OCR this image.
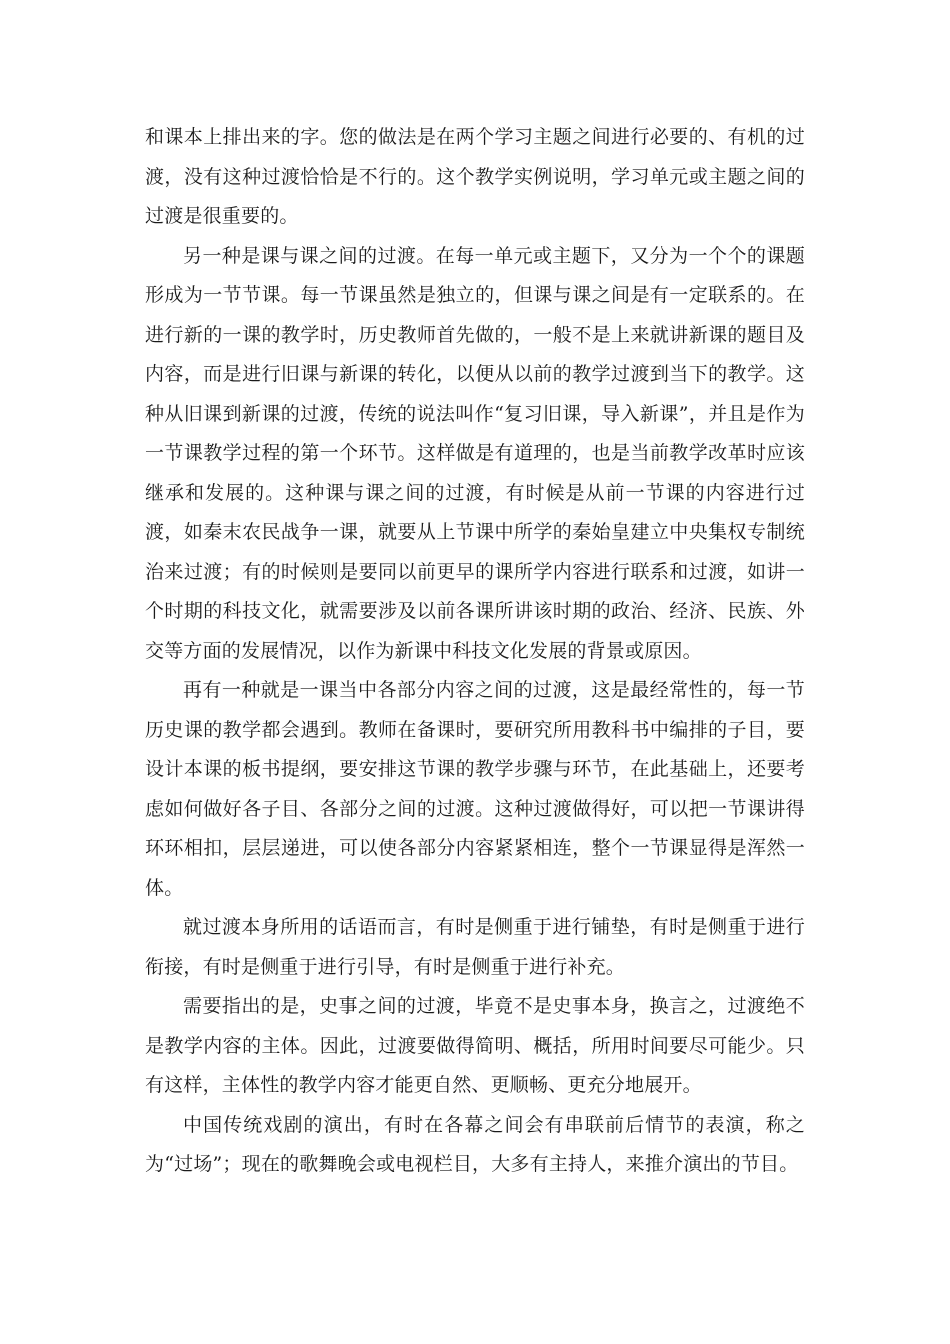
和课本上排出来的字。您的做法是在两个学习主题之间进行必要的、有机的过渡，没有这种过渡恰恰是不行的。这个教学实例说明，学习单元或主题之间的过渡是很重要的。

另一种是课与课之间的过渡。在每一单元或主题下，又分为一个个的课题形成为一节节课。每一节课虽然是独立的，但课与课之间是有一定联系的。在进行新的一课的教学时，历史教师首先做的，一般不是上来就讲新课的题目及内容，而是进行旧课与新课的转化，以便从以前的教学过渡到当下的教学。这种从旧课到新课的过渡，传统的说法叫作“复习旧课，导入新课”，并且是作为一节课教学过程的第一个环节。这样做是有道理的，也是当前教学改革时应该继承和发展的。这种课与课之间的过渡，有时候是从前一节课的内容进行过渡，如秦末农民战争一课，就要从上节课中所学的秦始皇建立中央集权专制统治来过渡；有的时候则是要同以前更早的课所学内容进行联系和过渡，如讲一个时期的科技文化，就需要涉及以前各课所讲该时期的政治、经济、民族、外交等方面的发展情况，以作为新课中科技文化发展的背景或原因。

再有一种就是一课当中各部分内容之间的过渡，这是最经常性的，每一节历史课的教学都会遇到。教师在备课时，要研究所用教科书中编排的子目，要设计本课的板书提纲，要安排这节课的教学步骤与环节，在此基础上，还要考虑如何做好各子目、各部分之间的过渡。这种过渡做得好，可以把一节课讲得环环相扣，层层递进，可以使各部分内容紧紧相连，整个一节课显得是浑然一体。

就过渡本身所用的话语而言，有时是侧重于进行铺垫，有时是侧重于进行衔接，有时是侧重于进行引导，有时是侧重于进行补充。

需要指出的是，史事之间的过渡，毕竟不是史事本身，换言之，过渡绝不是教学内容的主体。因此，过渡要做得简明、概括，所用时间要尽可能少。只有这样，主体性的教学内容才能更自然、更顺畅、更充分地展开。

中国传统戏剧的演出，有时在各幕之间会有串联前后情节的表演，称之为“过场”；现在的歌舞晚会或电视栏目，大多有主持人，来推介演出的节目。
